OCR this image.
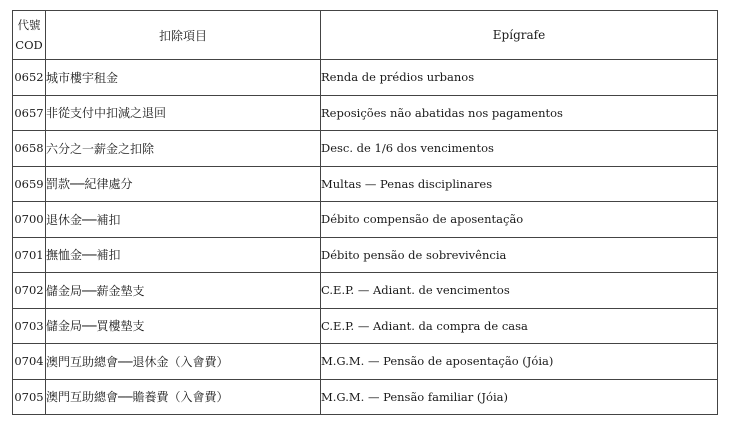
代號
COD	扣除項目	Epígrafe
0652	城市樓宇租金	Renda de prédios urbanos
0657	非從支付中扣減之退回	Reposições não abatidas nos pagamentos
0658	六分之一薪金之扣除	Desc. de 1/6 dos vencimentos
0659	罰款──紀律處分	Multas — Penas disciplinares
0700	退休金──補扣	Débito compensão de aposentação
0701	撫恤金──補扣	Débito pensão de sobrevivência
0702	儲金局──薪金墊支	C.E.P. — Adiant. de vencimentos
0703	儲金局──買樓墊支	C.E.P. — Adiant. da compra de casa
0704	澳門互助總會──退休金（入會費）	M.G.M. — Pensão de aposentação (Jóia)
0705	澳門互助總會──贍養費（入會費）	M.G.M. — Pensão familiar (Jóia)
